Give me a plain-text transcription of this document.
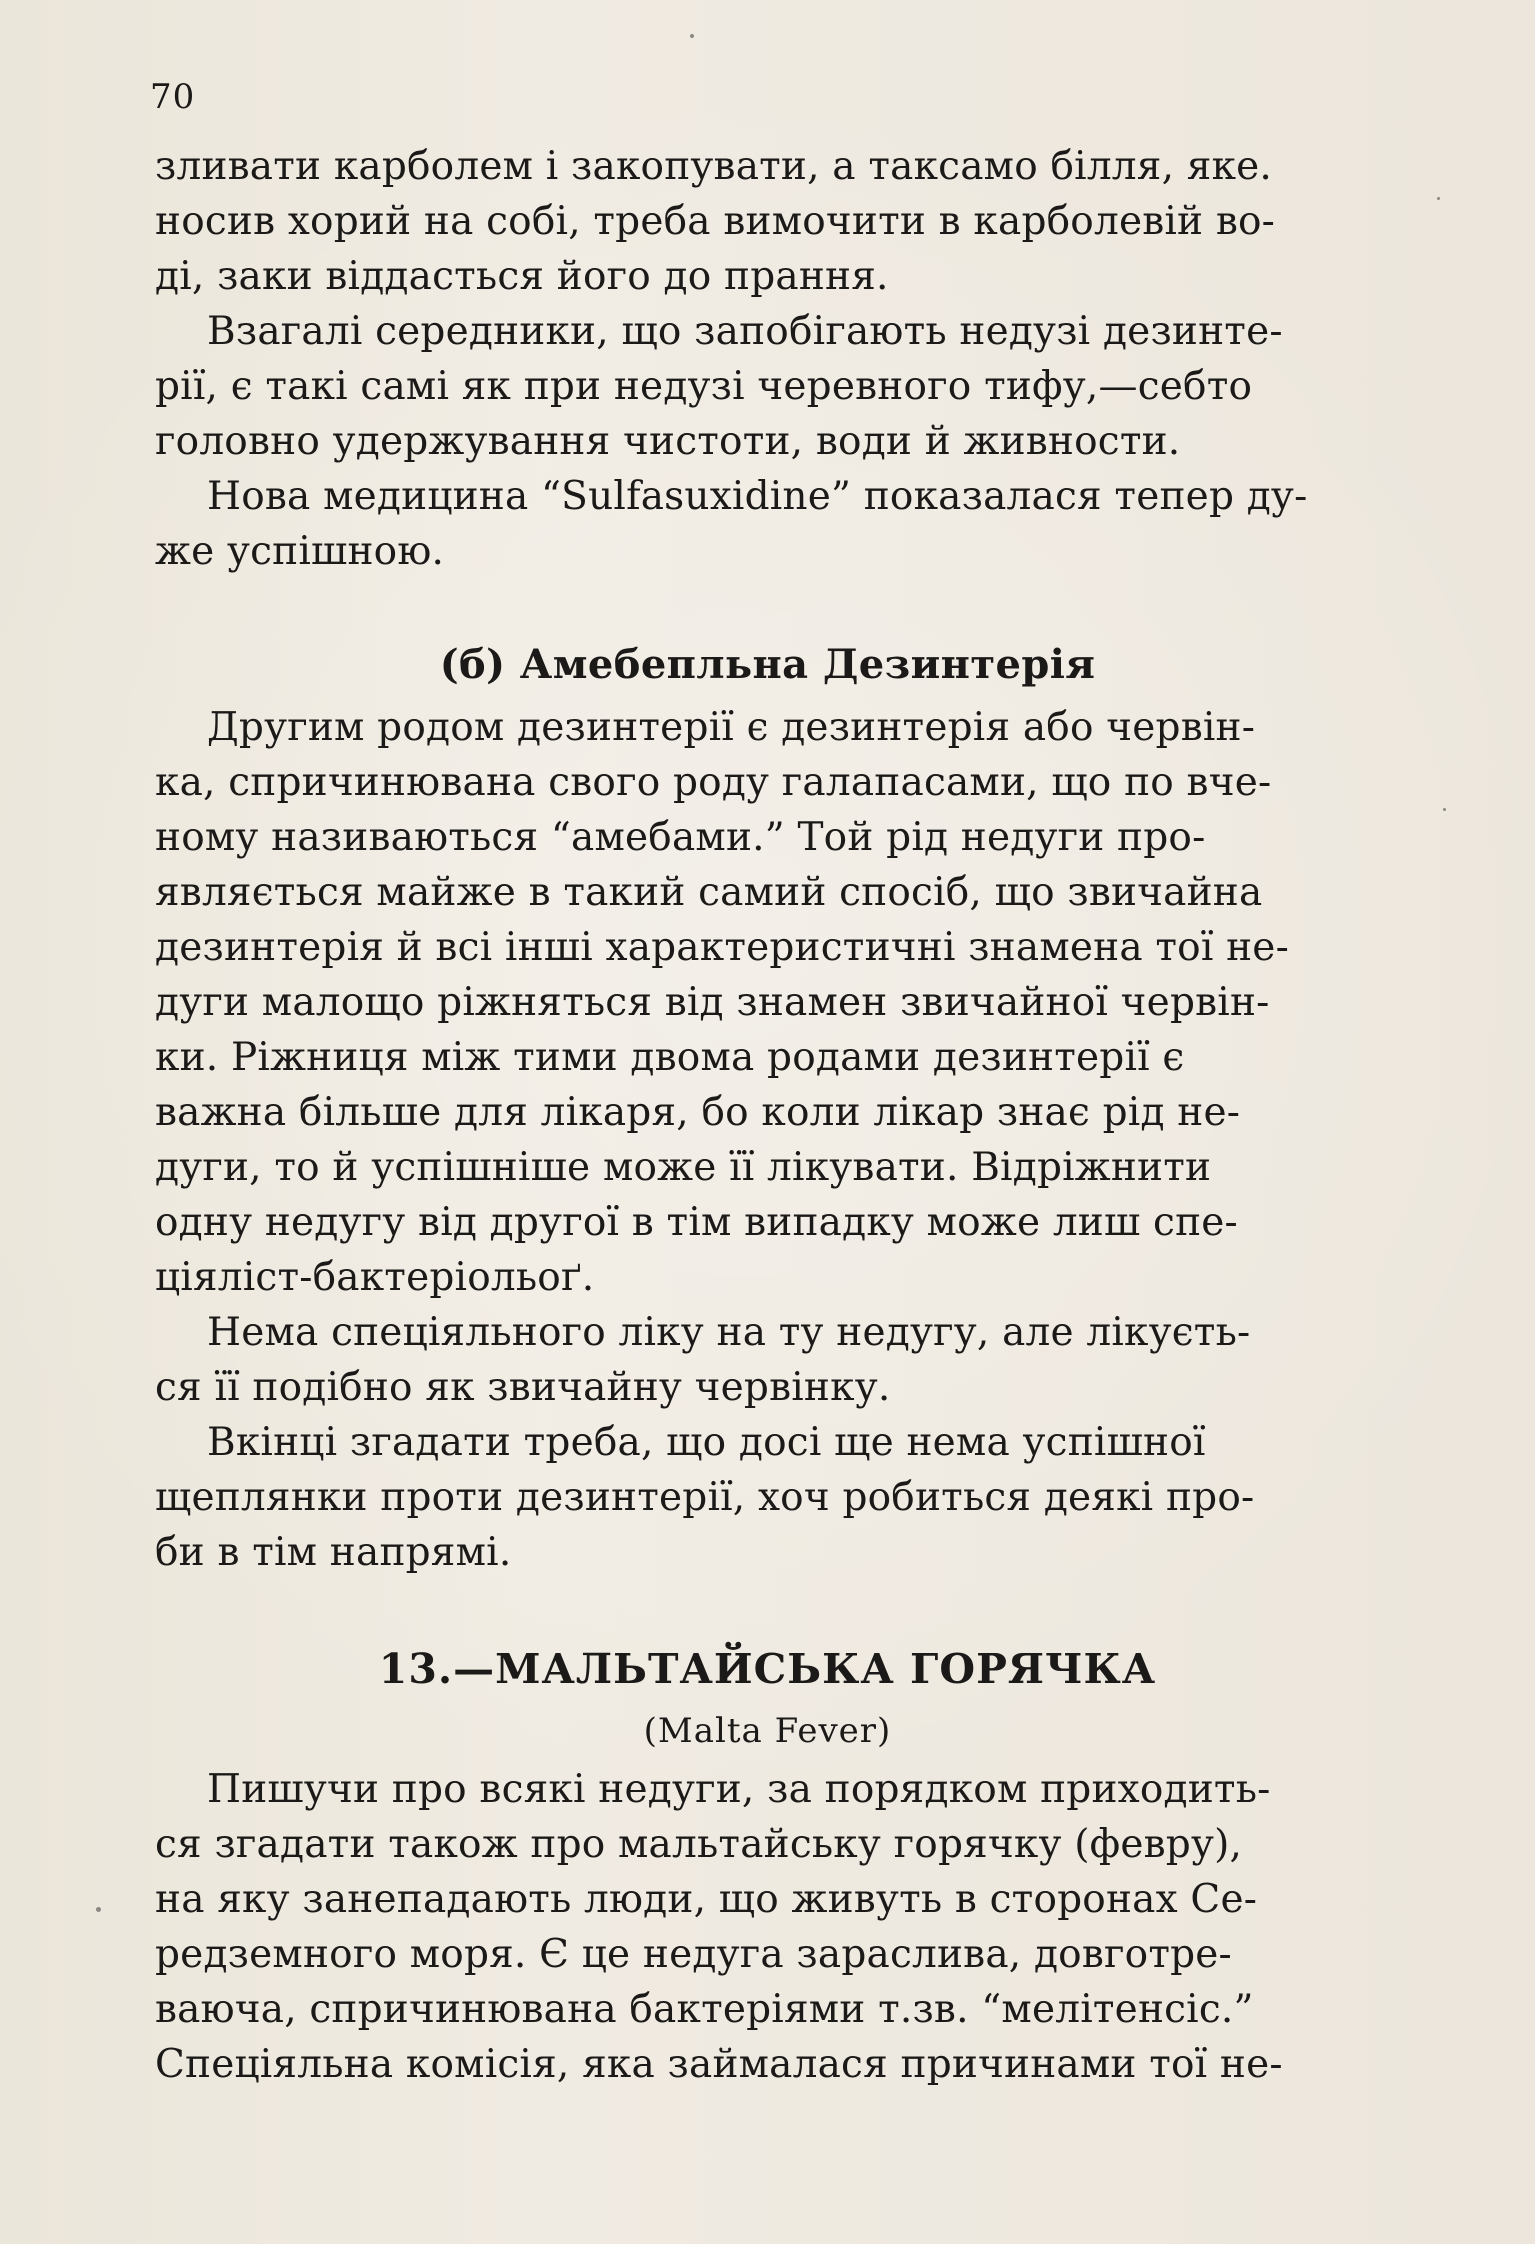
70
зливати карболем і закопувати, а таксамо білля, яке.
носив хорий на собі, треба вимочити в карболевій во-
ді, заки віддасться його до прання.
Взагалі середники, що запобігають недузі дезинте-
рії, є такі самі як при недузі черевного тифу,—себто
головно удержування чистоти, води й живности.
Нова медицина “Sulfasuxidine” показалася тепер ду-
же успішною.
(б) Амебепльна Дезинтерія
Другим родом дезинтерії є дезинтерія або червін-
ка, спричинювана свого роду галапасами, що по вче-
ному називаються “амебами.” Той рід недуги про-
являється майже в такий самий спосіб, що звичайна
дезинтерія й всі інші характеристичні знамена тої не-
дуги малощо ріжняться від знамен звичайної червін-
ки. Ріжниця між тими двома родами дезинтерії є
важна більше для лікаря, бо коли лікар знає рід не-
дуги, то й успішніше може її лікувати. Відріжнити
одну недугу від другої в тім випадку може лиш спе-
ціяліст-бактеріольоґ.
Нема спеціяльного ліку на ту недугу, але лікуєть-
ся її подібно як звичайну червінку.
Вкінці згадати треба, що досі ще нема успішної
щеплянки проти дезинтерії, хоч робиться деякі про-
би в тім напрямі.
13.—МАЛЬТАЙСЬКА ГОРЯЧКА
(Malta Fever)
Пишучи про всякі недуги, за порядком приходить-
ся згадати також про мальтайську горячку (февру),
на яку занепадають люди, що живуть в сторонах Се-
редземного моря. Є це недуга зараслива, довготре-
ваюча, спричинювана бактеріями т.зв. “мелітенсіс.”
Спеціяльна комісія, яка займалася причинами тої не-
